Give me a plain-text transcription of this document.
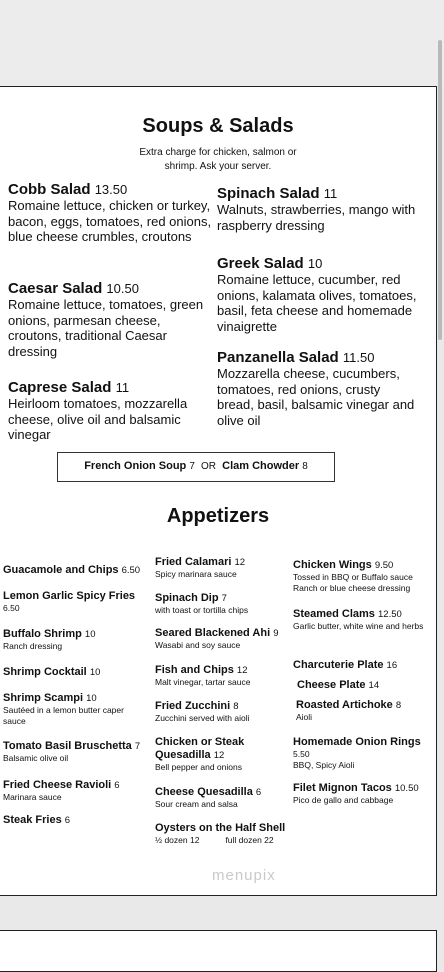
Soups & Salads
Extra charge for chicken, salmon or
shrimp. Ask your server.
Cobb Salad 13.50
Romaine lettuce, chicken or turkey, bacon, eggs, tomatoes, red onions, blue cheese crumbles, croutons
Caesar Salad 10.50
Romaine lettuce, tomatoes, green onions, parmesan cheese, croutons, traditional Caesar dressing
Caprese Salad 11
Heirloom tomatoes, mozzarella cheese, olive oil and balsamic vinegar
Spinach Salad 11
Walnuts, strawberries, mango with raspberry dressing
Greek Salad 10
Romaine lettuce, cucumber, red onions, kalamata olives, tomatoes, basil, feta cheese and homemade vinaigrette
Panzanella Salad 11.50
Mozzarella cheese, cucumbers, tomatoes, red onions, crusty bread, basil, balsamic vinegar and olive oil
French Onion Soup 7 OR Clam Chowder 8
Appetizers
Guacamole and Chips 6.50
Lemon Garlic Spicy Fries
6.50
Buffalo Shrimp 10
Ranch dressing
Shrimp Cocktail 10
Shrimp Scampi 10
Sautéed in a lemon butter caper sauce
Tomato Basil Bruschetta 7
Balsamic olive oil
Fried Cheese Ravioli 6
Marinara sauce
Steak Fries 6
Fried Calamari 12
Spicy marinara sauce
Spinach Dip 7
with toast or tortilla chips
Seared Blackened Ahi 9
Wasabi and soy sauce
Fish and Chips 12
Malt vinegar, tartar sauce
Fried Zucchini 8
Zucchini served with aioli
Chicken or Steak Quesadilla 12
Bell pepper and onions
Cheese Quesadilla 6
Sour cream and salsa
Oysters on the Half Shell
½ dozen 12	full dozen 22
Chicken Wings 9.50
Tossed in BBQ or Buffalo sauce Ranch or blue cheese dressing
Steamed Clams 12.50
Garlic butter, white wine and herbs
Charcuterie Plate 16
Cheese Plate 14
Roasted Artichoke 8
Aioli
Homemade Onion Rings
5.50
BBQ, Spicy Aioli
Filet Mignon Tacos 10.50
Pico de gallo and cabbage
menupix
